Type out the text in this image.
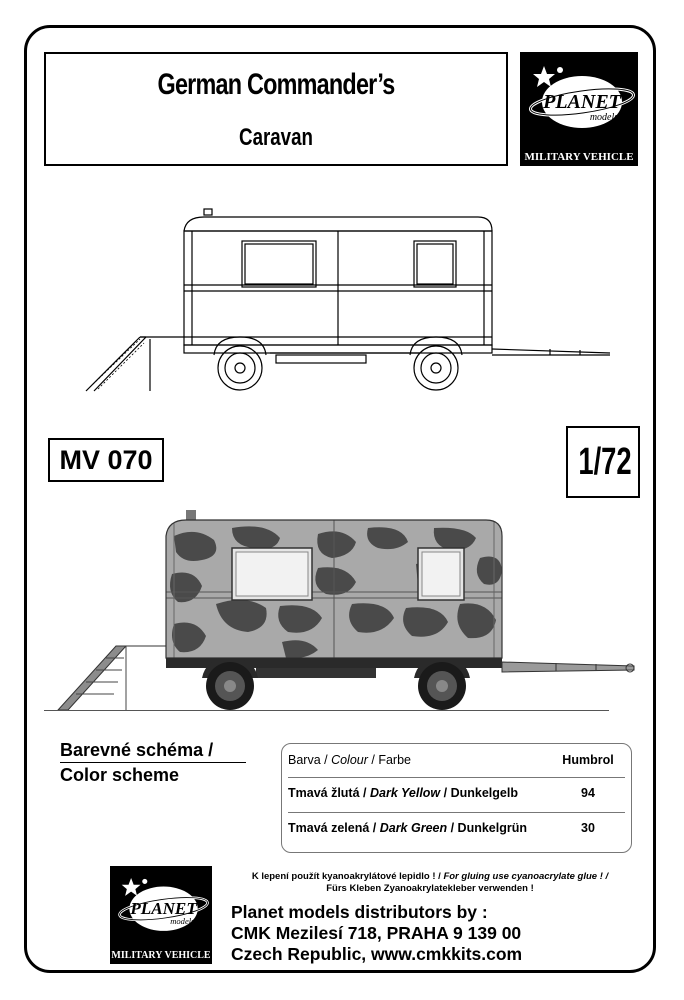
German Commander’s
Caravan
PLANET
models
MILITARY VEHICLE
MV 070	1/72
Barevné schéma /
Color scheme
Barva / Colour / Farbe	Humbrol
Tmavá žlutá / Dark Yellow / Dunkelgelb	94
Tmavá zelená / Dark Green / Dunkelgrün	30
PLANET
models
MILITARY VEHICLE
K lepení použít kyanoakrylátové lepidlo ! / For gluing use cyanoacrylate glue ! /
Fürs Kleben Zyanoakrylatekleber verwenden !
Planet models distributors by :
CMK Mezilesí 718, PRAHA 9 139 00
Czech Republic, www.cmkkits.com
